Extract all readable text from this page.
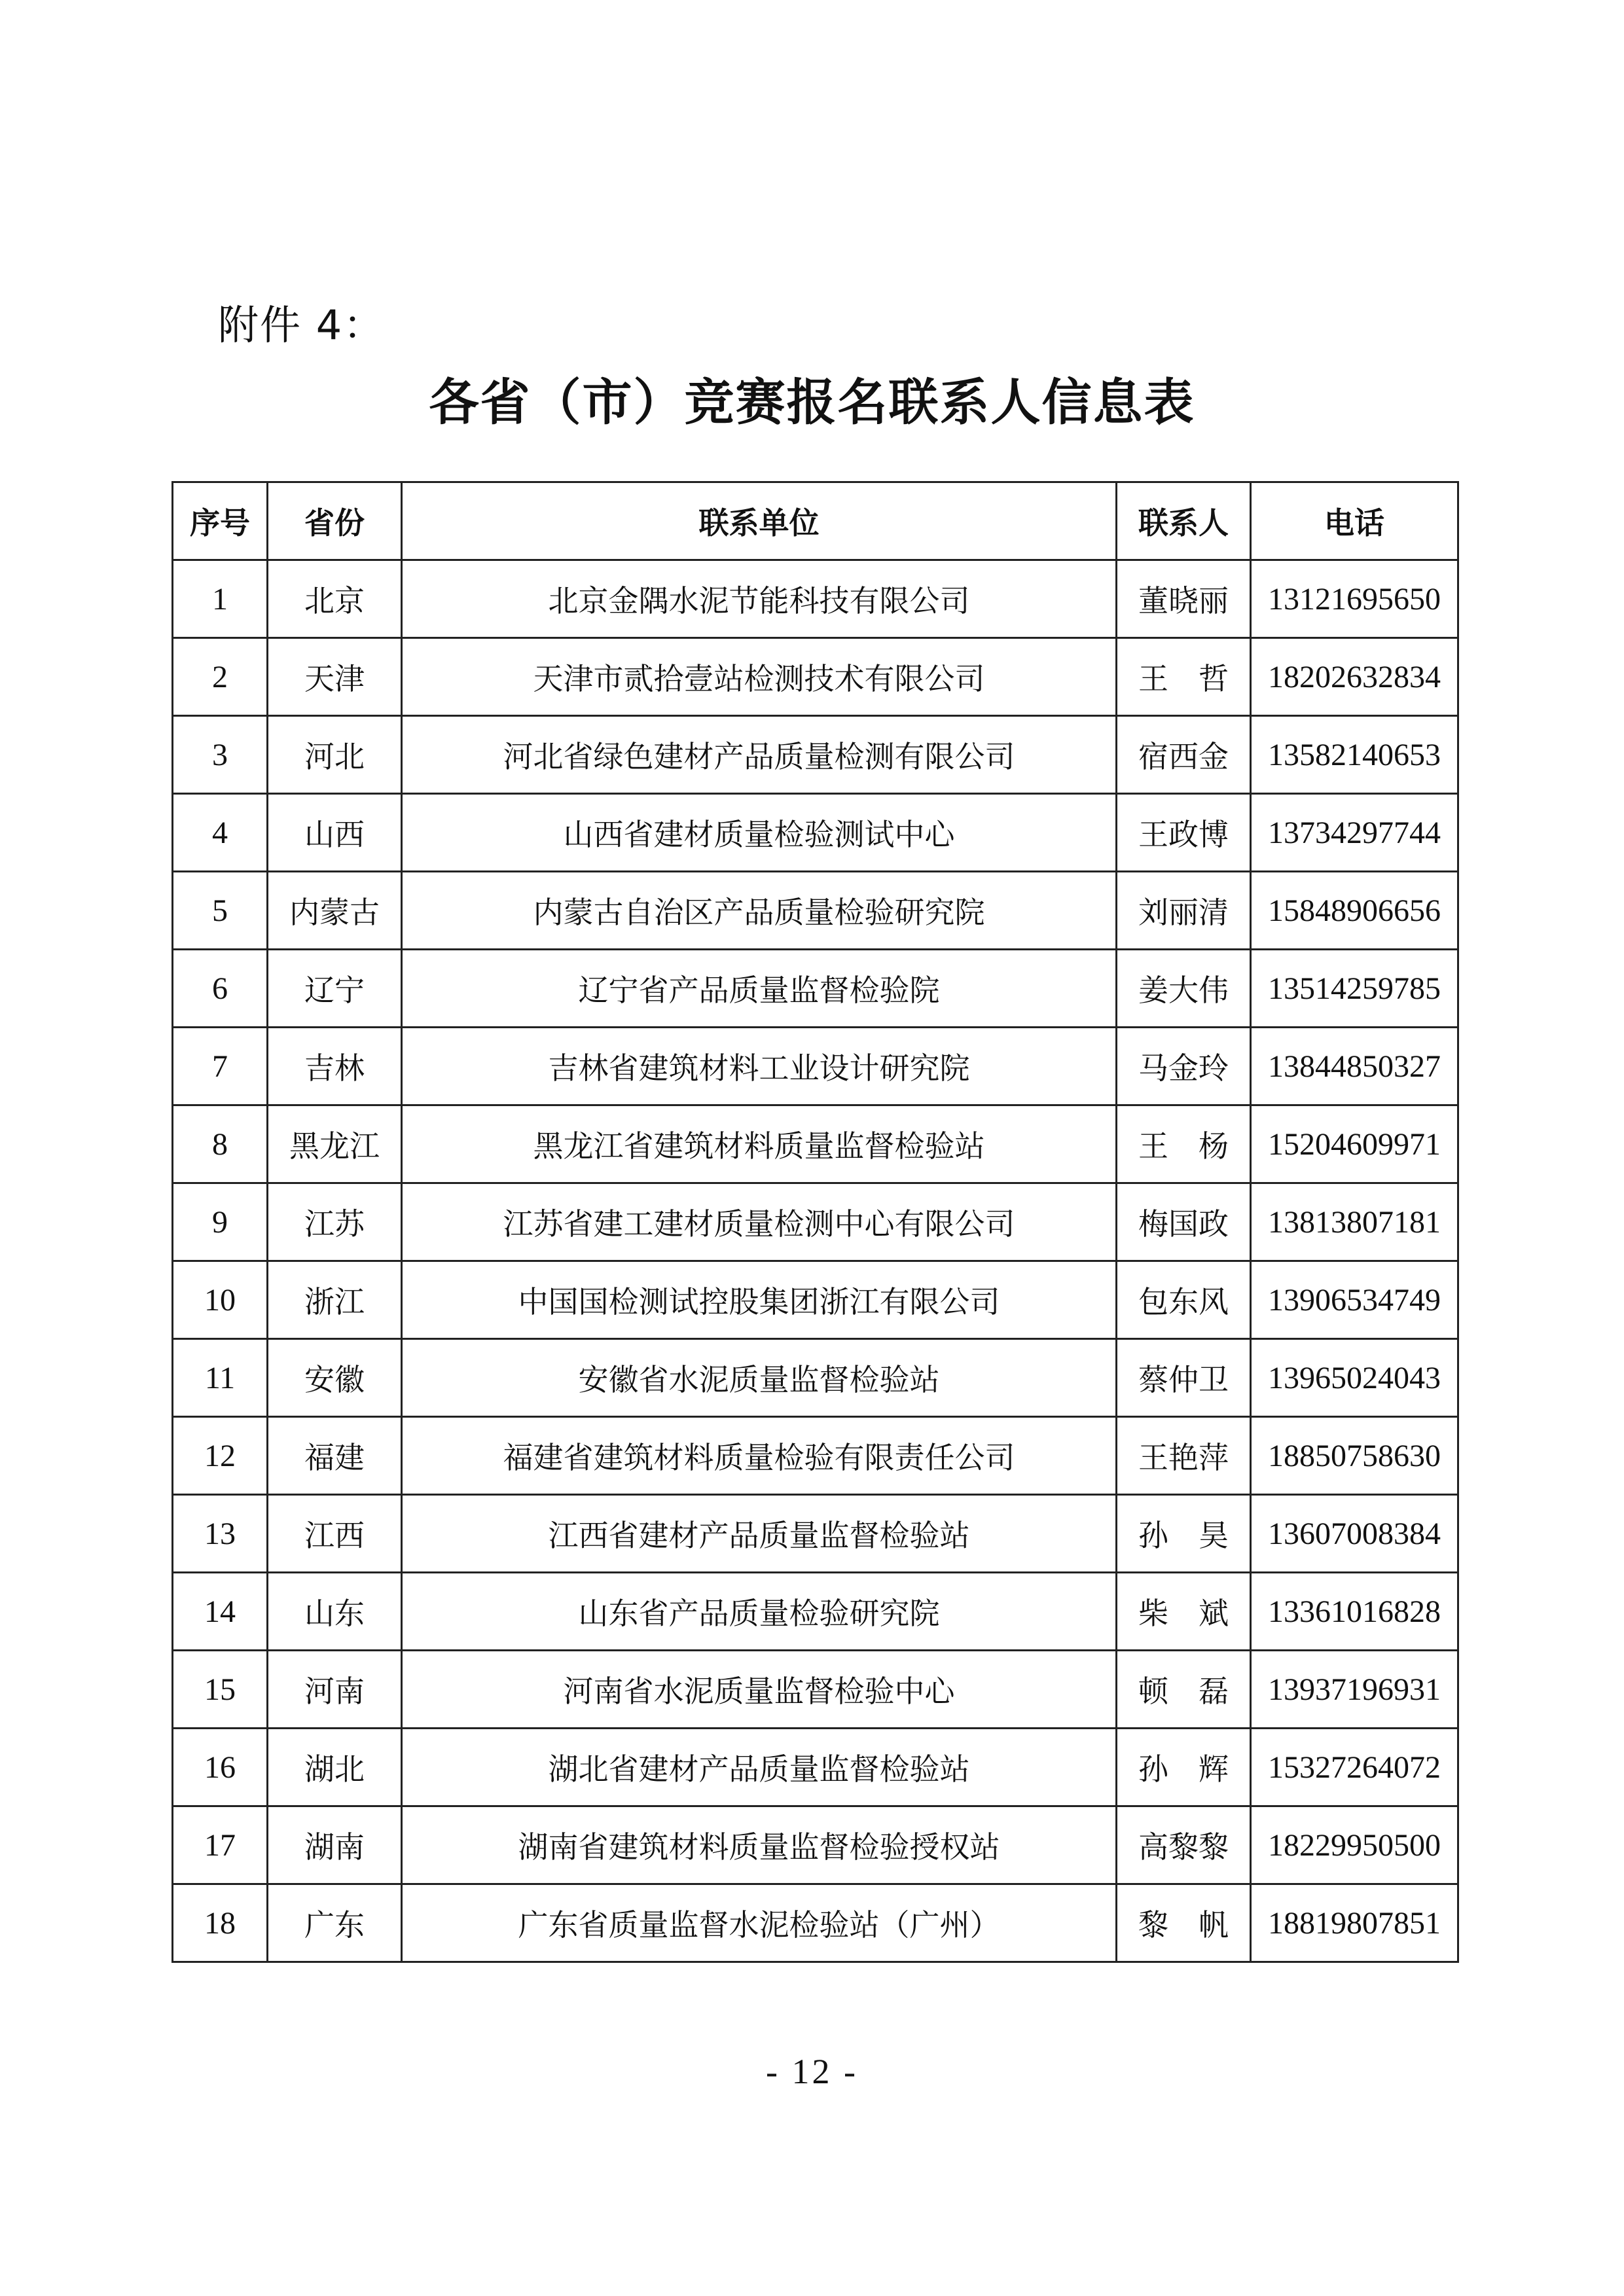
附件 4：
各省（市）竞赛报名联系人信息表
序号	省份	联系单位	联系人	电话
1	北京	北京金隅水泥节能科技有限公司	董晓丽	13121695650
2	天津	天津市贰拾壹站检测技术有限公司	王　哲	18202632834
3	河北	河北省绿色建材产品质量检测有限公司	宿西金	13582140653
4	山西	山西省建材质量检验测试中心	王政博	13734297744
5	内蒙古	内蒙古自治区产品质量检验研究院	刘丽清	15848906656
6	辽宁	辽宁省产品质量监督检验院	姜大伟	13514259785
7	吉林	吉林省建筑材料工业设计研究院	马金玲	13844850327
8	黑龙江	黑龙江省建筑材料质量监督检验站	王　杨	15204609971
9	江苏	江苏省建工建材质量检测中心有限公司	梅国政	13813807181
10	浙江	中国国检测试控股集团浙江有限公司	包东风	13906534749
11	安徽	安徽省水泥质量监督检验站	蔡仲卫	13965024043
12	福建	福建省建筑材料质量检验有限责任公司	王艳萍	18850758630
13	江西	江西省建材产品质量监督检验站	孙　昊	13607008384
14	山东	山东省产品质量检验研究院	柴　斌	13361016828
15	河南	河南省水泥质量监督检验中心	顿　磊	13937196931
16	湖北	湖北省建材产品质量监督检验站	孙　辉	15327264072
17	湖南	湖南省建筑材料质量监督检验授权站	高黎黎	18229950500
18	广东	广东省质量监督水泥检验站（广州）	黎　帆	18819807851
- 12 -
